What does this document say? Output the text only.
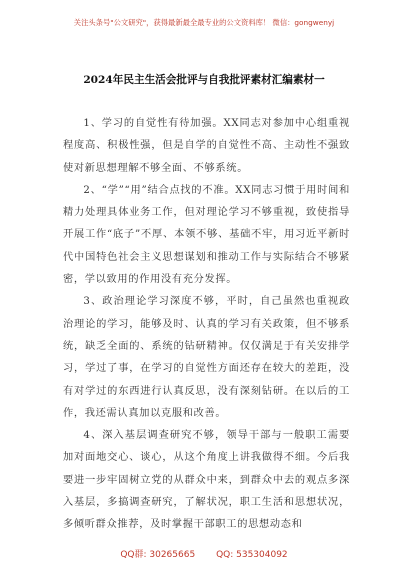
关注头条号"公文研究"，获得最新最全最专业的公文资料库！ 微信：gongwenyj
2024年民主生活会批评与自我批评素材汇编素材一

1、学习的自觉性有待加强。XX同志对参加中心组重视程度高、积极性强，但是自学的自觉性不高、主动性不强致使对新思想理解不够全面、不够系统。

2、“学”“用”结合点找的不准。XX同志习惯于用时间和精力处理具体业务工作，但对理论学习不够重视，致使指导开展工作“底子”不厚、本领不够、基础不牢，用习近平新时代中国特色社会主义思想谋划和推动工作与实际结合不够紧密，学以致用的作用没有充分发挥。

3、政治理论学习深度不够，平时，自己虽然也重视政治理论的学习，能够及时、认真的学习有关政策，但不够系统，缺乏全面的、系统的钻研精神。仅仅满足于有关安排学习，学过了事，在学习的自觉性方面还存在较大的差距，没有对学过的东西进行认真反思，没有深刻钻研。在以后的工作，我还需认真加以克服和改善。

4、深入基层调查研究不够，领导干部与一般职工需要加对面地交心、谈心，从这个角度上讲我做得不细。今后我要进一步牢固树立党的从群众中来，到群众中去的观点多深入基层，多搞调查研究，了解状况，职工生活和思想状况，多倾听群众推荐，及时掌握干部职工的思想动态和

QQ群: 30265665 QQ: 535304092
